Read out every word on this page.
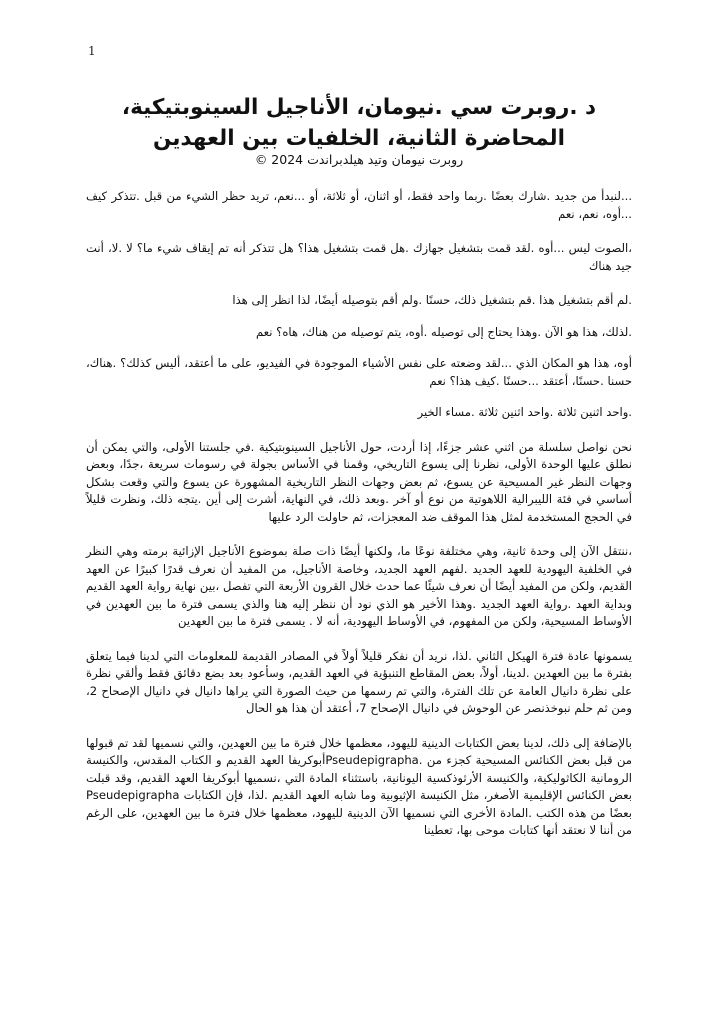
1
د .روبرت سي .نيومان، الأناجيل السينوبتيكية، المحاضرة الثانية، الخلفيات بين العهدين
روبرت نيومان وتيد هيلدبراندت 2024 ©

...لنبدأ من جديد .شارك بعضًا .ربما واحد فقط، أو اثنان، أو ثلاثة، أو ...نعم، تريد حظر الشيء من قبل .تتذكر كيف ...أوه، نعم، نعم

،الصوت ليس ...أوه .لقد قمت بتشغيل جهازك .هل قمت بتشغيل هذا؟ هل تتذكر أنه تم إيقاف شيء ما؟ لا .لا، أنت جيد هناك

.لم أقم بتشغيل هذا .قم بتشغيل ذلك، حسنًا .ولم أقم بتوصيله أيضًا، لذا انظر إلى هذا

.لذلك، هذا هو الآن .وهذا يحتاج إلى توصيله .أوه، يتم توصيله من هناك، هاه؟ نعم

أوه، هذا هو المكان الذي ...لقد وضعته على نفس الأشياء الموجودة في الفيديو، على ما أعتقد، أليس كذلك؟ .هناك، حسنا .حسنًا، أعتقد ...حسنًا .كيف هذا؟ نعم

.واحد اثنين ثلاثة .واحد اثنين ثلاثة .مساء الخير

نحن نواصل سلسلة من اثني عشر جزءًا، إذا أردت، حول الأناجيل السينوبتيكية .في جلستنا الأولى، والتي يمكن أن نطلق عليها الوحدة الأولى، نظرنا إلى يسوع التاريخي، وقمنا في الأساس بجولة في رسومات سريعة ،جدًا، وبعض وجهات النظر غير المسيحية عن يسوع، ثم بعض وجهات النظر التاريخية المشهورة عن يسوع والتي وقعت بشكل أساسي في فئة الليبرالية اللاهوتية من نوع أو آخر .وبعد ذلك، في النهاية، أشرت إلى أين .يتجه ذلك، ونظرت قليلاً في الحجج المستخدمة لمثل هذا الموقف ضد المعجزات، ثم حاولت الرد عليها

،ننتقل الآن إلى وحدة ثانية، وهي مختلفة نوعًا ما، ولكنها أيضًا ذات صلة بموضوع الأناجيل الإزائية برمته وهي النظر في الخلفية اليهودية للعهد الجديد .لفهم العهد الجديد، وخاصة الأناجيل، من المفيد أن نعرف قدرًا كبيرًا عن العهد القديم، ولكن من المفيد أيضًا أن نعرف شيئًا عما حدث خلال القرون الأربعة التي تفصل ،بين نهاية رواية العهد القديم وبداية العهد .رواية العهد الجديد .وهذا الأخير هو الذي نود أن ننظر إليه هنا والذي يسمى فترة ما بين العهدين في الأوساط المسيحية، ولكن من المفهوم، في الأوساط اليهودية، أنه لا . يسمى فترة ما بين العهدين

يسمونها عادة فترة الهيكل الثاني .لذا، نريد أن نفكر قليلاً أولاً في المصادر القديمة للمعلومات التي لدينا فيما يتعلق بفترة ما بين العهدين .لدينا، أولاً، بعض المقاطع التنبؤية في العهد القديم، وسأعود بعد بضع دقائق فقط وألقي نظرة على نظرة دانيال العامة عن تلك الفترة، والتي تم رسمها من حيث الصورة التي يراها دانيال في دانيال الإصحاح 2، ومن ثم حلم نبوخذنصر عن الوحوش في دانيال الإصحاح 7، أعتقد أن هذا هو الحال

بالإضافة إلى ذلك، لدينا بعض الكتابات الدينية لليهود، معظمها خلال فترة ما بين العهدين، والتي نسميها لقد تم قبولها من قبل بعض الكنائس المسيحية كجزء من .Pseudepigraphaأبوكريفا العهد القديم و الكتاب المقدس، والكنيسة الرومانية الكاثوليكية، والكنيسة الأرثوذكسية اليونانية، باستثناء المادة التي ،نسميها أبوكريفا العهد القديم، وقد قبلت بعض الكنائس الإقليمية الأصغر، مثل الكنيسة الإثيوبية وما شابه العهد القديم .لذا، فإن الكتابات Pseudepigrapha بعضًا من هذه الكتب .المادة الأخرى التي نسميها الآن الدينية لليهود، معظمها خلال فترة ما بين العهدين، على الرغم من أننا لا نعتقد أنها كتابات موحى بها، تعطينا
